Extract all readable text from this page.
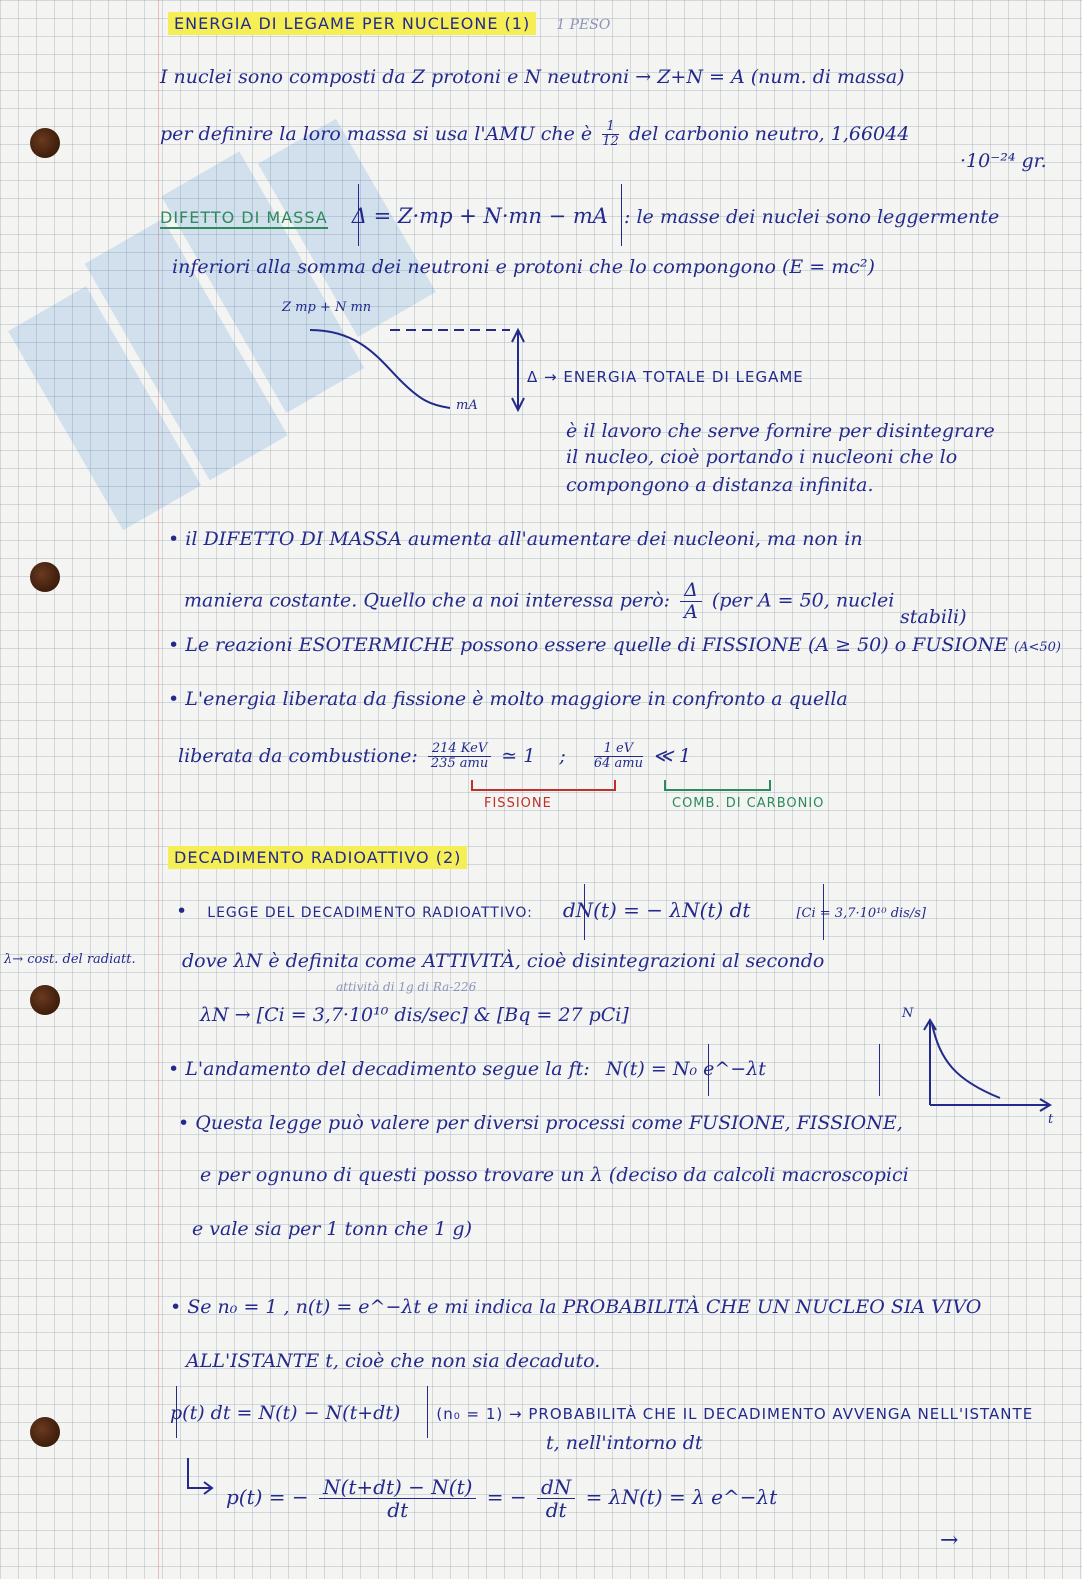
ENERGIA DI LEGAME PER NUCLEONE (1) 1 PESO
I nuclei sono composti da Z protoni e N neutroni → Z+N = A (num. di massa)
per definire la loro massa si usa l'AMU che è $\frac{1}{12}$ del carbonio neutro, 1,66044
·10⁻²⁴ gr.
DIFETTO DI MASSA Δ = Z·mp + N·mn − mA : le masse dei nuclei sono leggermente
inferiori alla somma dei neutroni e protoni che lo compongono (E = mc²)
Z mp + N mn
mA
Δ → ENERGIA TOTALE DI LEGAME
è il lavoro che serve fornire per disintegrare
il nucleo, cioè portando i nucleoni che lo
compongono a distanza infinita.
• il DIFETTO DI MASSA aumenta all'aumentare dei nucleoni, ma non in
maniera costante. Quello che a noi interessa però: $\frac{\Delta}{A} (per$ A = 50, nuclei
stabili)
• Le reazioni ESOTERMICHE possono essere quelle di FISSIONE (A ≥ 50) o FUSIONE (A<50)
• L'energia liberata da fissione è molto maggiore in confronto a quella
liberata da combustione: $\frac{\text{214 KeV}}{\text{235 amu}}$ ≃ 1 ; $\frac{1 eV}{\text{64 amu}}$ ≪ 1
FISSIONE	COMB. DI CARBONIO
DECADIMENTO RADIOATTIVO (2)
• LEGGE DEL DECADIMENTO RADIOATTIVO: dN(t) = − λN(t) dt	[Ci = 3,7·10¹⁰ dis/s]
λ→ cost. del radiatt. dove λN è definita come ATTIVITÀ, cioè disintegrazioni al secondo
attività di 1g di Ra-226
λN → [Ci = 3,7·10¹⁰ dis/sec] & [Bq = 27 pCi]
• L'andamento del decadimento segue la ft: N(t) = N₀ e^−λt
N
t
• Questa legge può valere per diversi processi come FUSIONE, FISSIONE,
e per ognuno di questi posso trovare un λ (deciso da calcoli macroscopici
e vale sia per 1 tonn che 1 g)
• Se n₀ = 1 , n(t) = e^−λt e mi indica la PROBABILITÀ CHE UN NUCLEO SIA VIVO
ALL'ISTANTE t, cioè che non sia decaduto.
p(t) dt = N(t) − N(t+dt) (n₀ = 1) → PROBABILITÀ CHE IL DECADIMENTO AVVENGA NELL'ISTANTE
t, nell'intorno dt
p(t) = − $\frac{N(t+dt) - N(t)}{dt}$ = − $\frac{dN}{dt} = \lambda N(t) = \lambda$ e^−λt
→
